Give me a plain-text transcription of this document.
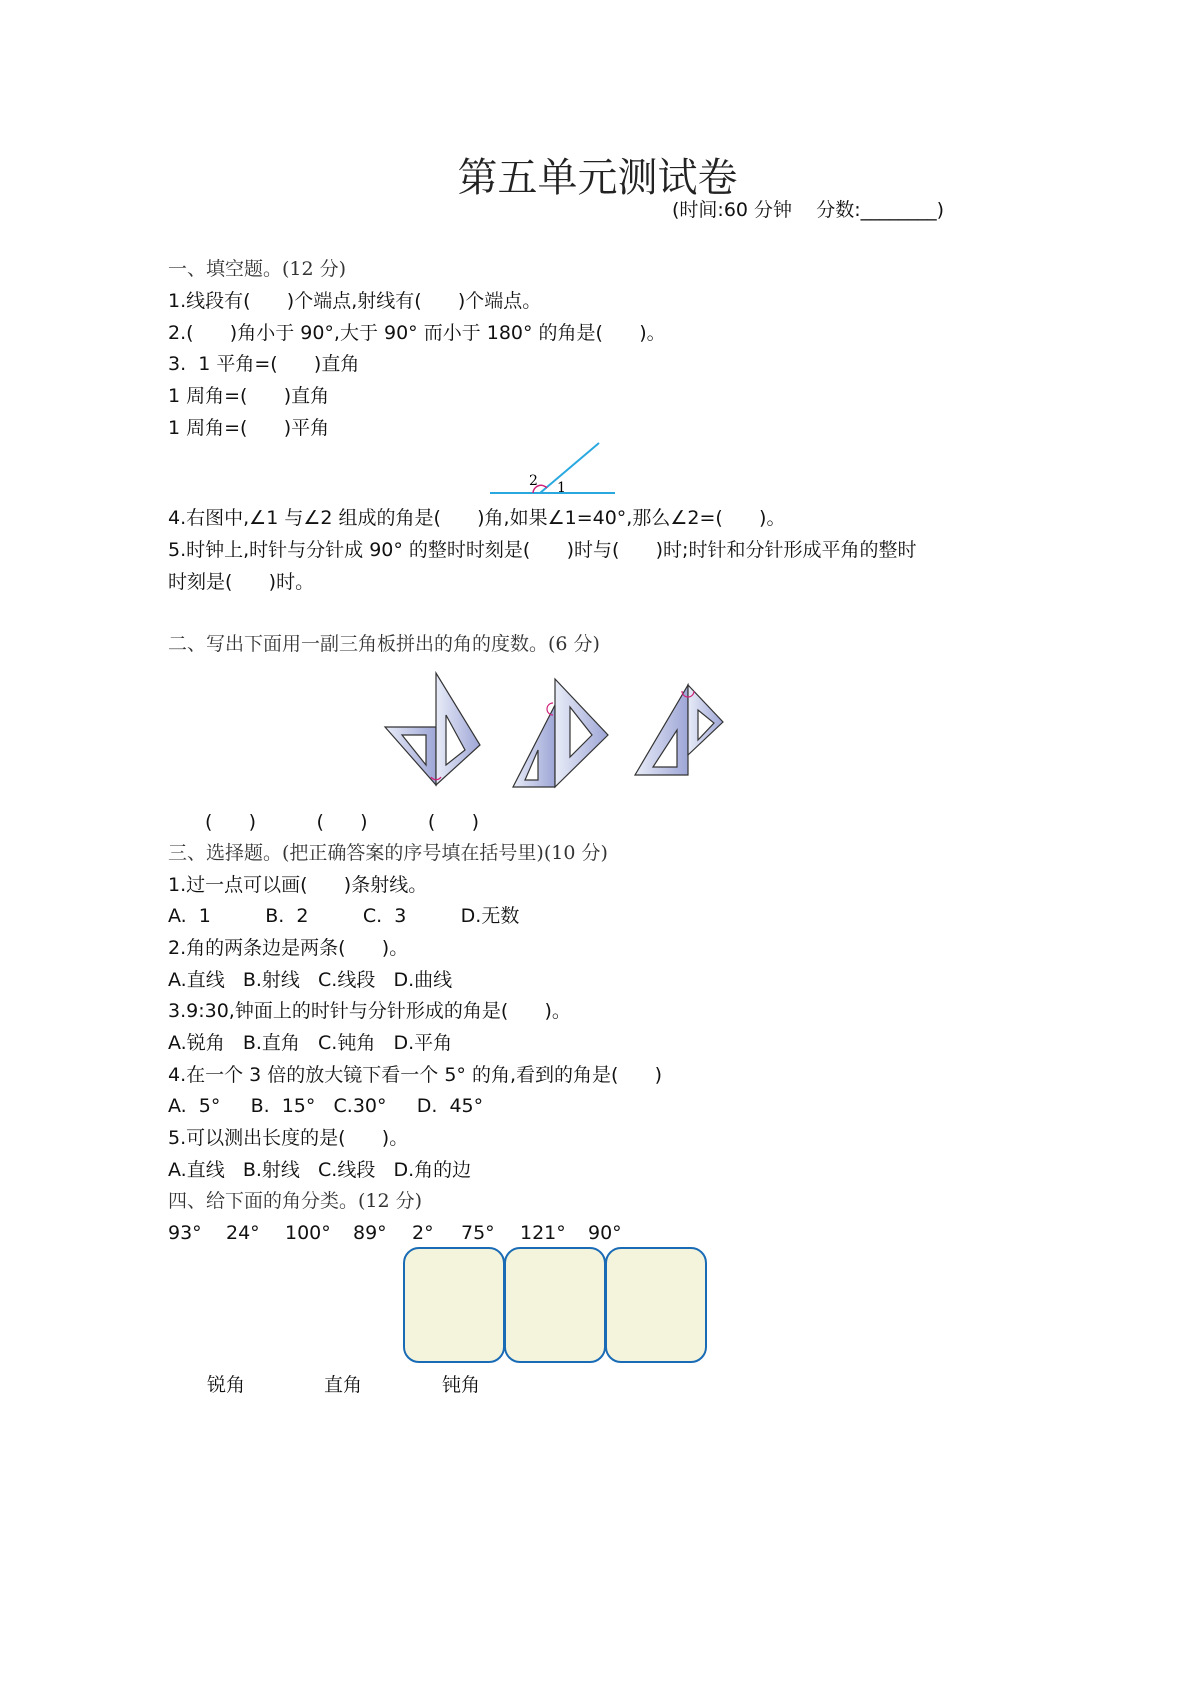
第五单元测试卷
(时间:60 分钟    分数:________)
一、填空题。(12 分)
1.线段有(      )个端点,射线有(      )个端点。
2.(      )角小于 90°,大于 90° 而小于 180° 的角是(      )。
3.  1 平角=(      )直角
1 周角=(      )直角
1 周角=(      )平角
2 1
4.右图中,∠1 与∠2 组成的角是(      )角,如果∠1=40°,那么∠2=(      )。
5.时钟上,时针与分针成 90° 的整时时刻是(      )时与(      )时;时针和分针形成平角的整时
时刻是(      )时。
二、写出下面用一副三角板拼出的角的度数。(6 分)
(      )          (      )          (      )
三、选择题。(把正确答案的序号填在括号里)(10 分)
1.过一点可以画(      )条射线。
A.  1         B.  2         C.  3         D.无数
2.角的两条边是两条(      )。
A.直线   B.射线   C.线段   D.曲线
3.9:30,钟面上的时针与分针形成的角是(      )。
A.锐角   B.直角   C.钝角   D.平角
4.在一个 3 倍的放大镜下看一个 5° 的角,看到的角是(      )
A.  5°     B.  15°   C.30°     D.  45°
5.可以测出长度的是(      )。
A.直线   B.射线   C.线段   D.角的边
四、给下面的角分类。(12 分)
93° 24° 100° 89° 2° 75° 121° 90°
锐角	直角	钝角
